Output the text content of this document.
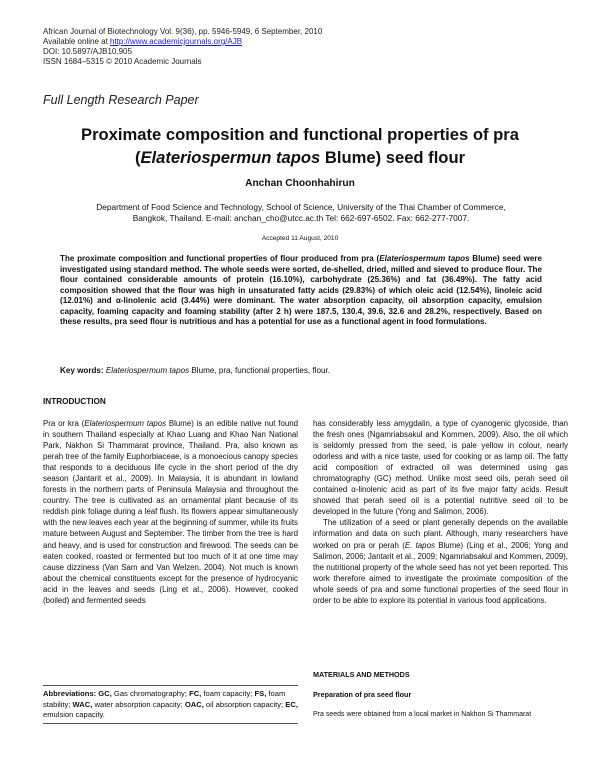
African Journal of Biotechnology Vol. 9(36), pp. 5946-5949, 6 September, 2010
Available online at http://www.academicjournals.org/AJB
DOI: 10.5897/AJB10.905
ISSN 1684–5315 © 2010 Academic Journals
Full Length Research Paper
Proximate composition and functional properties of pra
(Elateriospermun tapos Blume) seed flour
Anchan Choonhahirun
Department of Food Science and Technology, School of Science, University of the Thai Chamber of Commerce,
Bangkok, Thailand. E-mail: anchan_cho@utcc.ac.th Tel: 662-697-6502. Fax: 662-277-7007.
Accepted 11 August, 2010

The proximate composition and functional properties of flour produced from pra (Elateriospermum tapos Blume) seed were investigated using standard method. The whole seeds were sorted, de-shelled, dried, milled and sieved to produce flour. The flour contained considerable amounts of protein (16.10%), carbohydrate (25.36%) and fat (36.49%). The fatty acid composition showed that the flour was high in unsaturated fatty acids (29.83%) of which oleic acid (12.54%), linoleic acid (12.01%) and α-linolenic acid (3.44%) were dominant. The water absorption capacity, oil absorption capacity, emulsion capacity, foaming capacity and foaming stability (after 2 h) were 187.5, 130.4, 39.6, 32.6 and 28.2%, respectively. Based on these results, pra seed flour is nutritious and has a potential for use as a functional agent in food formulations.

Key words: Elateriospermum tapos Blume, pra, functional properties, flour.
INTRODUCTION

Pra or kra (Elateriospermum tapos Blume) is an edible native nut found in southern Thailand especially at Khao Luang and Khao Nan National Park, Nakhon Si Thammarat province, Thailand. Pra, also known as perah tree of the family Euphorbiaceae, is a monoecious canopy species that responds to a deciduous life cycle in the short period of the dry season (Jantarit et al., 2009). In Malaysia, it is abundant in lowland forests in the northern parts of Peninsula Malaysia and throughout the country. The tree is cultivated as an ornamental plant because of its reddish pink foliage during a leaf flush. Its flowers appear simultaneously with the new leaves each year at the beginning of summer, while its fruits mature between August and September. The timber from the tree is hard and heavy, and is used for construction and firewood. The seeds can be eaten cooked, roasted or fermented but too much of it at one time may cause dizziness (Van Sam and Van Welzen, 2004). Not much is known about the chemical constituents except for the presence of hydrocyanic acid in the leaves and seeds (Ling et al., 2006). However, cooked (boiled) and fermented seeds

has considerably less amygdalin, a type of cyanogenic glycoside, than the fresh ones (Ngamriabsakul and Kommen, 2009). Also, the oil which is seldomly pressed from the seed, is pale yellow in colour, nearly odorless and with a nice taste, used for cooking or as lamp oil. The fatty acid composition of extracted oil was determined using gas chromatography (GC) method. Unlike most seed oils, perah seed oil contained α-linolenic acid as part of its five major fatty acids. Result showed that perah seed oil is a potential nutritive seed oil to be developed in the future (Yong and Salimon, 2006).

The utilization of a seed or plant generally depends on the available information and data on such plant. Although, many researchers have worked on pra or perah (E. tapos Blume) (Ling et al., 2006; Yong and Salimon, 2006; Jantarit et al., 2009; Ngamriabsakul and Kommen, 2009), the nutritional property of the whole seed has not yet been reported. This work therefore aimed to investigate the proximate composition of the whole seeds of pra and some functional properties of the seed flour in order to be able to explore its potential in various food applications.

Abbreviations: GC, Gas chromatography; FC, foam capacity; FS, foam stability; WAC, water absorption capacity; OAC, oil absorption capacity; EC, emulsion capacity.
MATERIALS AND METHODS
Preparation of pra seed flour
Pra seeds were obtained from a local market in Nakhon Si Thammarat
